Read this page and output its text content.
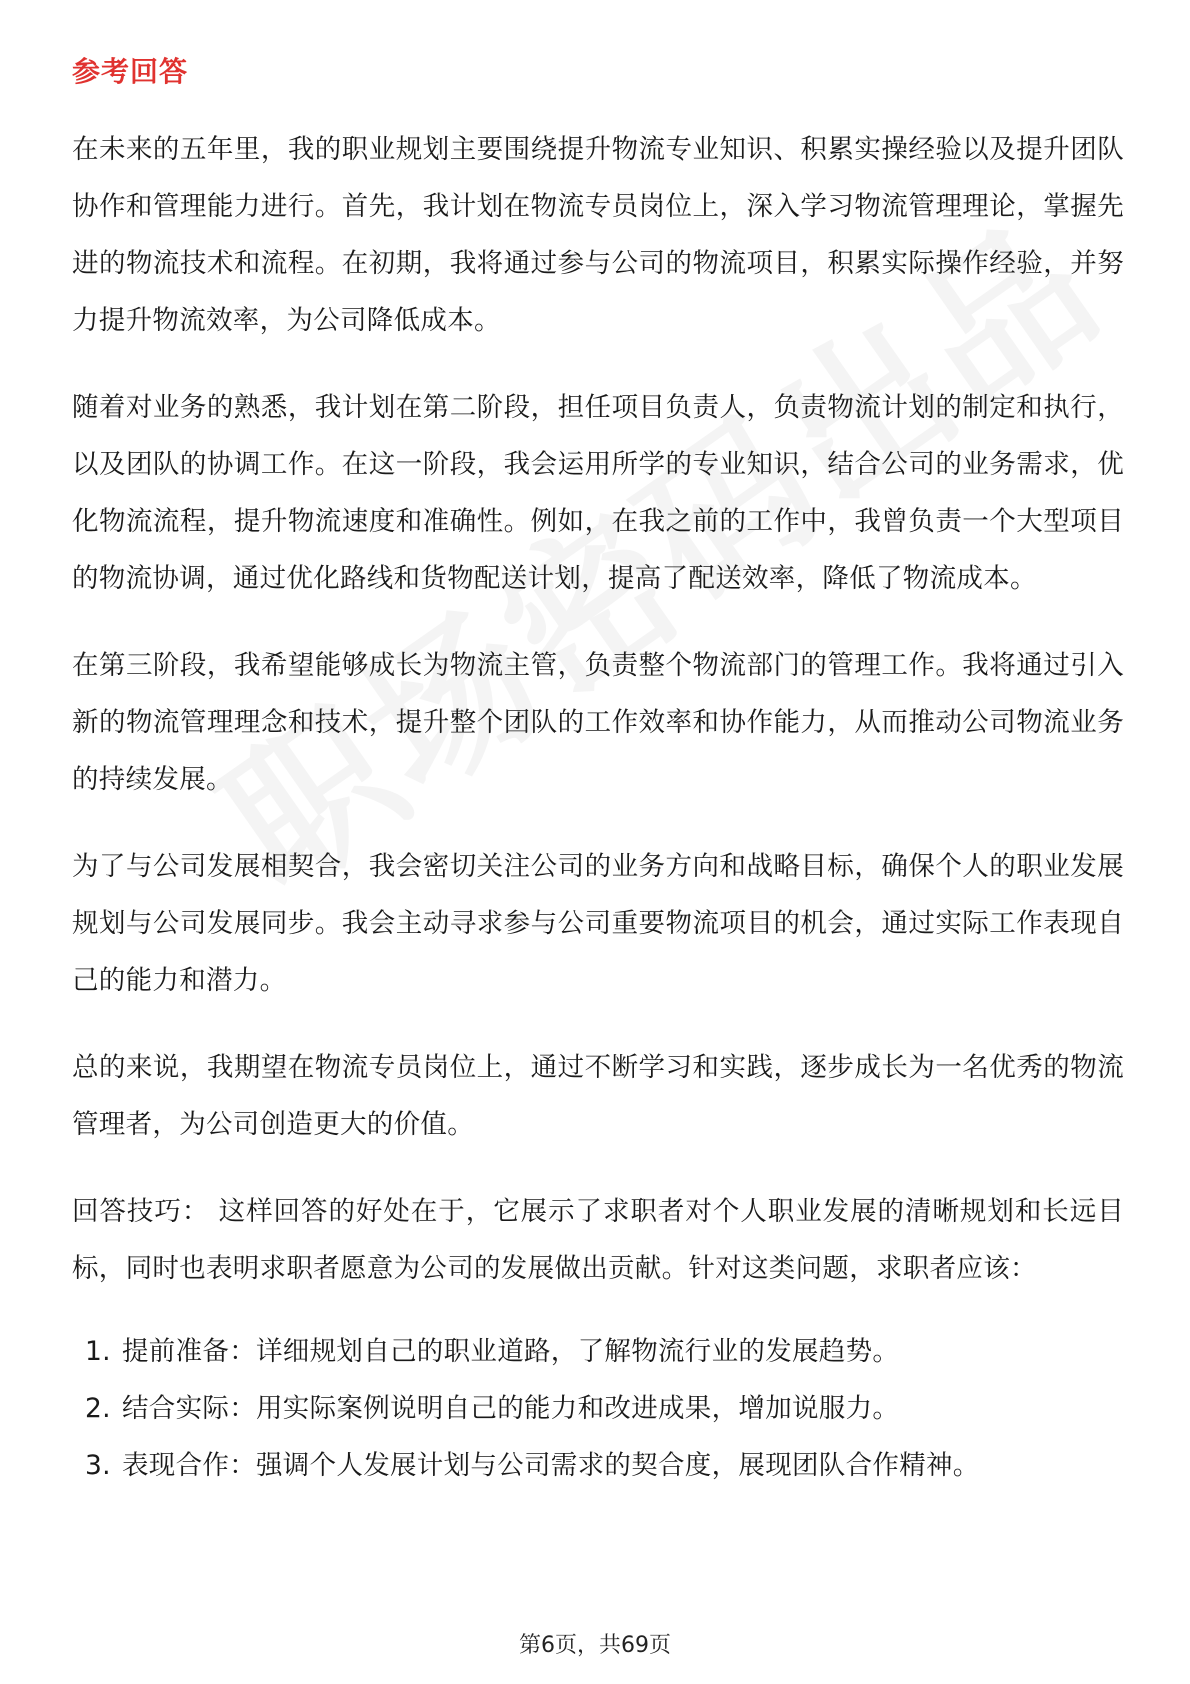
参考回答

在未来的五年里，我的职业规划主要围绕提升物流专业知识、积累实操经验以及提升团队协作和管理能力进行。首先，我计划在物流专员岗位上，深入学习物流管理理论，掌握先进的物流技术和流程。在初期，我将通过参与公司的物流项目，积累实际操作经验，并努力提升物流效率，为公司降低成本。

随着对业务的熟悉，我计划在第二阶段，担任项目负责人，负责物流计划的制定和执行，以及团队的协调工作。在这一阶段，我会运用所学的专业知识，结合公司的业务需求，优化物流流程，提升物流速度和准确性。例如，在我之前的工作中，我曾负责一个大型项目的物流协调，通过优化路线和货物配送计划，提高了配送效率，降低了物流成本。

在第三阶段，我希望能够成长为物流主管，负责整个物流部门的管理工作。我将通过引入新的物流管理理念和技术，提升整个团队的工作效率和协作能力，从而推动公司物流业务的持续发展。

为了与公司发展相契合，我会密切关注公司的业务方向和战略目标，确保个人的职业发展规划与公司发展同步。我会主动寻求参与公司重要物流项目的机会，通过实际工作表现自己的能力和潜力。

总的来说，我期望在物流专员岗位上，通过不断学习和实践，逐步成长为一名优秀的物流管理者，为公司创造更大的价值。

回答技巧： 这样回答的好处在于，它展示了求职者对个人职业发展的清晰规划和长远目标，同时也表明求职者愿意为公司的发展做出贡献。针对这类问题，求职者应该：

1. 提前准备：详细规划自己的职业道路，了解物流行业的发展趋势。
2. 结合实际：用实际案例说明自己的能力和改进成果，增加说服力。
3. 表现合作：强调个人发展计划与公司需求的契合度，展现团队合作精神。
第6页，共69页
